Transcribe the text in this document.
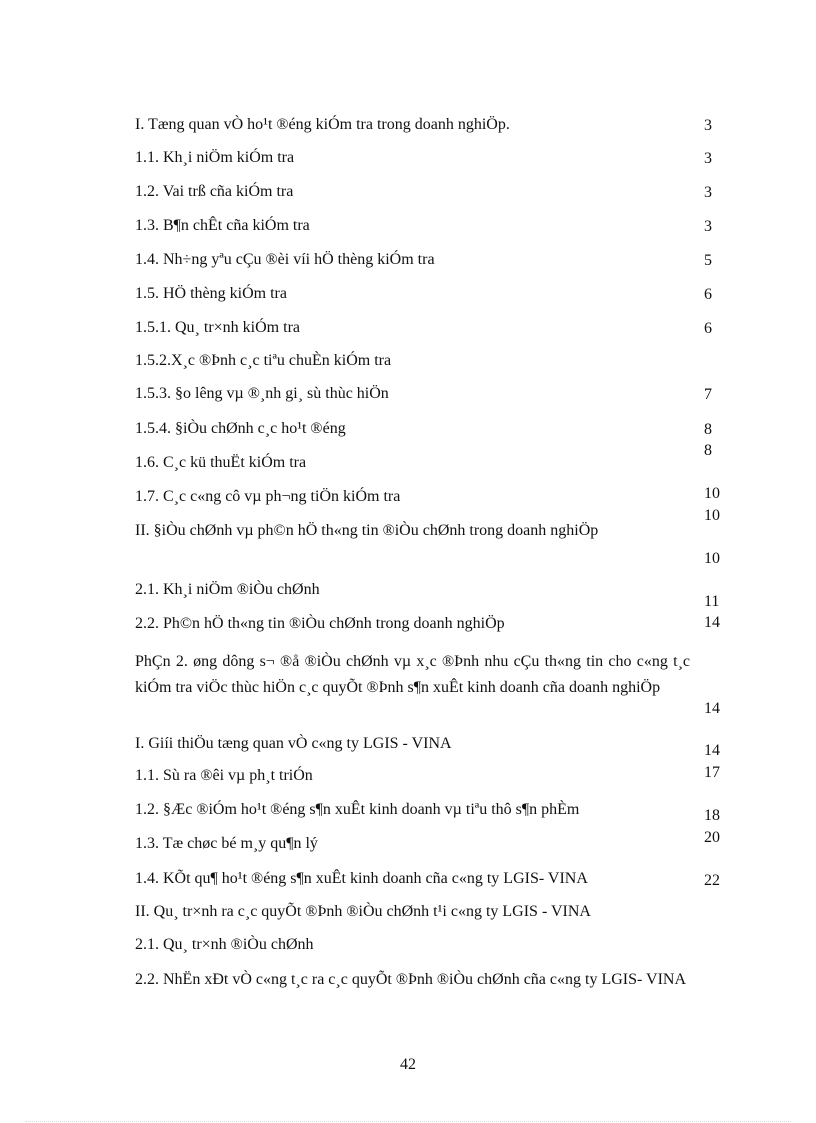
I. Tæng quan vÒ ho¹t ®éng kiÓm tra trong doanh nghiÖp.
1.1. Kh¸i niÖm kiÓm tra
1.2. Vai trß cña kiÓm tra
1.3. B¶n chÊt cña kiÓm tra
1.4. Nh÷ng yªu cÇu ®èi víi hÖ thèng kiÓm tra
1.5. HÖ thèng kiÓm tra
1.5.1. Qu¸ tr×nh kiÓm tra
1.5.2.X¸c ®Þnh c¸c tiªu chuÈn kiÓm tra
1.5.3. §o lêng vµ ®¸nh gi¸ sù thùc hiÖn
1.5.4. §iÒu chØnh c¸c ho¹t ®éng
1.6. C¸c kü thuËt kiÓm tra
1.7. C¸c c«ng cô vµ ph¬ng tiÖn kiÓm tra
II. §iÒu chØnh vµ ph©n hÖ th«ng tin ®iÒu chØnh trong doanh nghiÖp
2.1. Kh¸i niÖm ®iÒu chØnh
2.2. Ph©n hÖ th«ng tin ®iÒu chØnh trong doanh nghiÖp
PhÇn 2. øng dông s¬ ®å ®iÒu chØnh vµ x¸c ®Þnh nhu cÇu th«ng tin cho c«ng t¸c kiÓm tra viÖc thùc hiÖn c¸c quyÕt ®Þnh s¶n xuÊt kinh doanh cña doanh nghiÖp
I. Giíi thiÖu tæng quan vÒ c«ng ty LGIS - VINA
1.1. Sù ra ®êi vµ ph¸t triÓn
1.2. §Æc ®iÓm ho¹t ®éng s¶n xuÊt kinh doanh vµ tiªu thô s¶n phÈm
1.3. Tæ chøc bé m¸y qu¶n lý
1.4. KÕt qu¶ ho¹t ®éng s¶n xuÊt kinh doanh cña c«ng ty LGIS- VINA
II. Qu¸ tr×nh ra c¸c quyÕt ®Þnh ®iÒu chØnh t¹i c«ng ty LGIS - VINA
2.1. Qu¸ tr×nh ®iÒu chØnh
2.2. NhËn xÐt vÒ c«ng t¸c ra c¸c quyÕt ®Þnh ®iÒu chØnh cña c«ng ty LGIS- VINA
3
3
3
3
5
6
6
7
8
8
10
10
10
11
14
14
14
17
18
20
22
42
